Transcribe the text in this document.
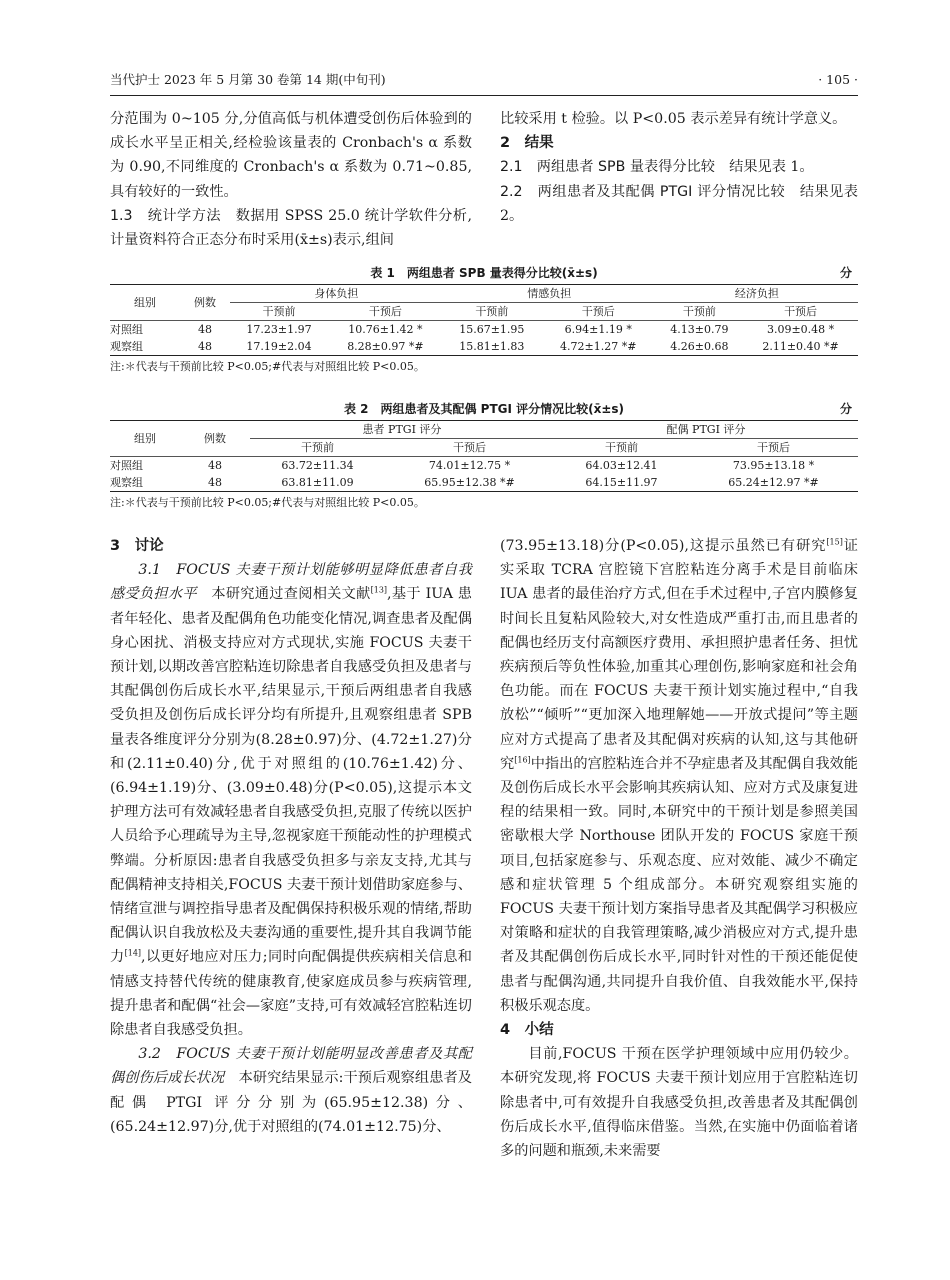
当代护士 2023 年 5 月第 30 卷第 14 期(中旬刊)	· 105 ·

分范围为 0~105 分,分值高低与机体遭受创伤后体验到的成长水平呈正相关,经检验该量表的 Cronbach's α 系数为 0.90,不同维度的 Cronbach's α 系数为 0.71~0.85,具有较好的一致性。

1.3　统计学方法　数据用 SPSS 25.0 统计学软件分析,计量资料符合正态分布时采用(x̄±s)表示,组间

比较采用 t 检验。以 P<0.05 表示差异有统计学意义。

2　结果

2.1　两组患者 SPB 量表得分比较　结果见表 1。

2.2　两组患者及其配偶 PTGI 评分情况比较　结果见表 2。

表 1　两组患者 SPB 量表得分比较(x̄±s)	分
组别	例数	身体负担		情感负担		经济负担	
		干预前	干预后	干预前	干预后	干预前	干预后
对照组	48	17.23±1.97	10.76±1.42 *	15.67±1.95	6.94±1.19 *	4.13±0.79	3.09±0.48 *
观察组	48	17.19±2.04	8.28±0.97 *#	15.81±1.83	4.72±1.27 *#	4.26±0.68	2.11±0.40 *#
注:＊代表与干预前比较 P<0.05;#代表与对照组比较 P<0.05。
表 2　两组患者及其配偶 PTGI 评分情况比较(x̄±s)	分
组别	例数	患者 PTGI 评分		配偶 PTGI 评分	
		干预前	干预后	干预前	干预后
对照组	48	63.72±11.34	74.01±12.75 *	64.03±12.41	73.95±13.18 *
观察组	48	63.81±11.09	65.95±12.38 *#	64.15±11.97	65.24±12.97 *#
注:＊代表与干预前比较 P<0.05;#代表与对照组比较 P<0.05。
3　讨论

3.1　FOCUS 夫妻干预计划能够明显降低患者自我感受负担水平　本研究通过查阅相关文献[13],基于 IUA 患者年轻化、患者及配偶角色功能变化情况,调查患者及配偶身心困扰、消极支持应对方式现状,实施 FOCUS 夫妻干预计划,以期改善宫腔粘连切除患者自我感受负担及患者与其配偶创伤后成长水平,结果显示,干预后两组患者自我感受负担及创伤后成长评分均有所提升,且观察组患者 SPB 量表各维度评分分别为(8.28±0.97)分、(4.72±1.27)分和(2.11±0.40)分,优于对照组的(10.76±1.42)分、(6.94±1.19)分、(3.09±0.48)分(P<0.05),这提示本文护理方法可有效减轻患者自我感受负担,克服了传统以医护人员给予心理疏导为主导,忽视家庭干预能动性的护理模式弊端。分析原因:患者自我感受负担多与亲友支持,尤其与配偶精神支持相关,FOCUS 夫妻干预计划借助家庭参与、情绪宣泄与调控指导患者及配偶保持积极乐观的情绪,帮助配偶认识自我放松及夫妻沟通的重要性,提升其自我调节能力[14],以更好地应对压力;同时向配偶提供疾病相关信息和情感支持替代传统的健康教育,使家庭成员参与疾病管理,提升患者和配偶“社会—家庭”支持,可有效减轻宫腔粘连切除患者自我感受负担。

3.2　FOCUS 夫妻干预计划能明显改善患者及其配偶创伤后成长状况　本研究结果显示:干预后观察组患者及配偶 PTGI 评分分别为(65.95±12.38)分、(65.24±12.97)分,优于对照组的(74.01±12.75)分、

(73.95±13.18)分(P<0.05),这提示虽然已有研究[15]证实采取 TCRA 宫腔镜下宫腔粘连分离手术是目前临床 IUA 患者的最佳治疗方式,但在手术过程中,子宫内膜修复时间长且复粘风险较大,对女性造成严重打击,而且患者的配偶也经历支付高额医疗费用、承担照护患者任务、担忧疾病预后等负性体验,加重其心理创伤,影响家庭和社会角色功能。而在 FOCUS 夫妻干预计划实施过程中,“自我放松”“倾听”“更加深入地理解她——开放式提问”等主题应对方式提高了患者及其配偶对疾病的认知,这与其他研究[16]中指出的宫腔粘连合并不孕症患者及其配偶自我效能及创伤后成长水平会影响其疾病认知、应对方式及康复进程的结果相一致。同时,本研究中的干预计划是参照美国密歇根大学 Northouse 团队开发的 FOCUS 家庭干预项目,包括家庭参与、乐观态度、应对效能、减少不确定感和症状管理 5 个组成部分。本研究观察组实施的 FOCUS 夫妻干预计划方案指导患者及其配偶学习积极应对策略和症状的自我管理策略,减少消极应对方式,提升患者及其配偶创伤后成长水平,同时针对性的干预还能促使患者与配偶沟通,共同提升自我价值、自我效能水平,保持积极乐观态度。

4　小结

目前,FOCUS 干预在医学护理领域中应用仍较少。本研究发现,将 FOCUS 夫妻干预计划应用于宫腔粘连切除患者中,可有效提升自我感受负担,改善患者及其配偶创伤后成长水平,值得临床借鉴。当然,在实施中仍面临着诸多的问题和瓶颈,未来需要
